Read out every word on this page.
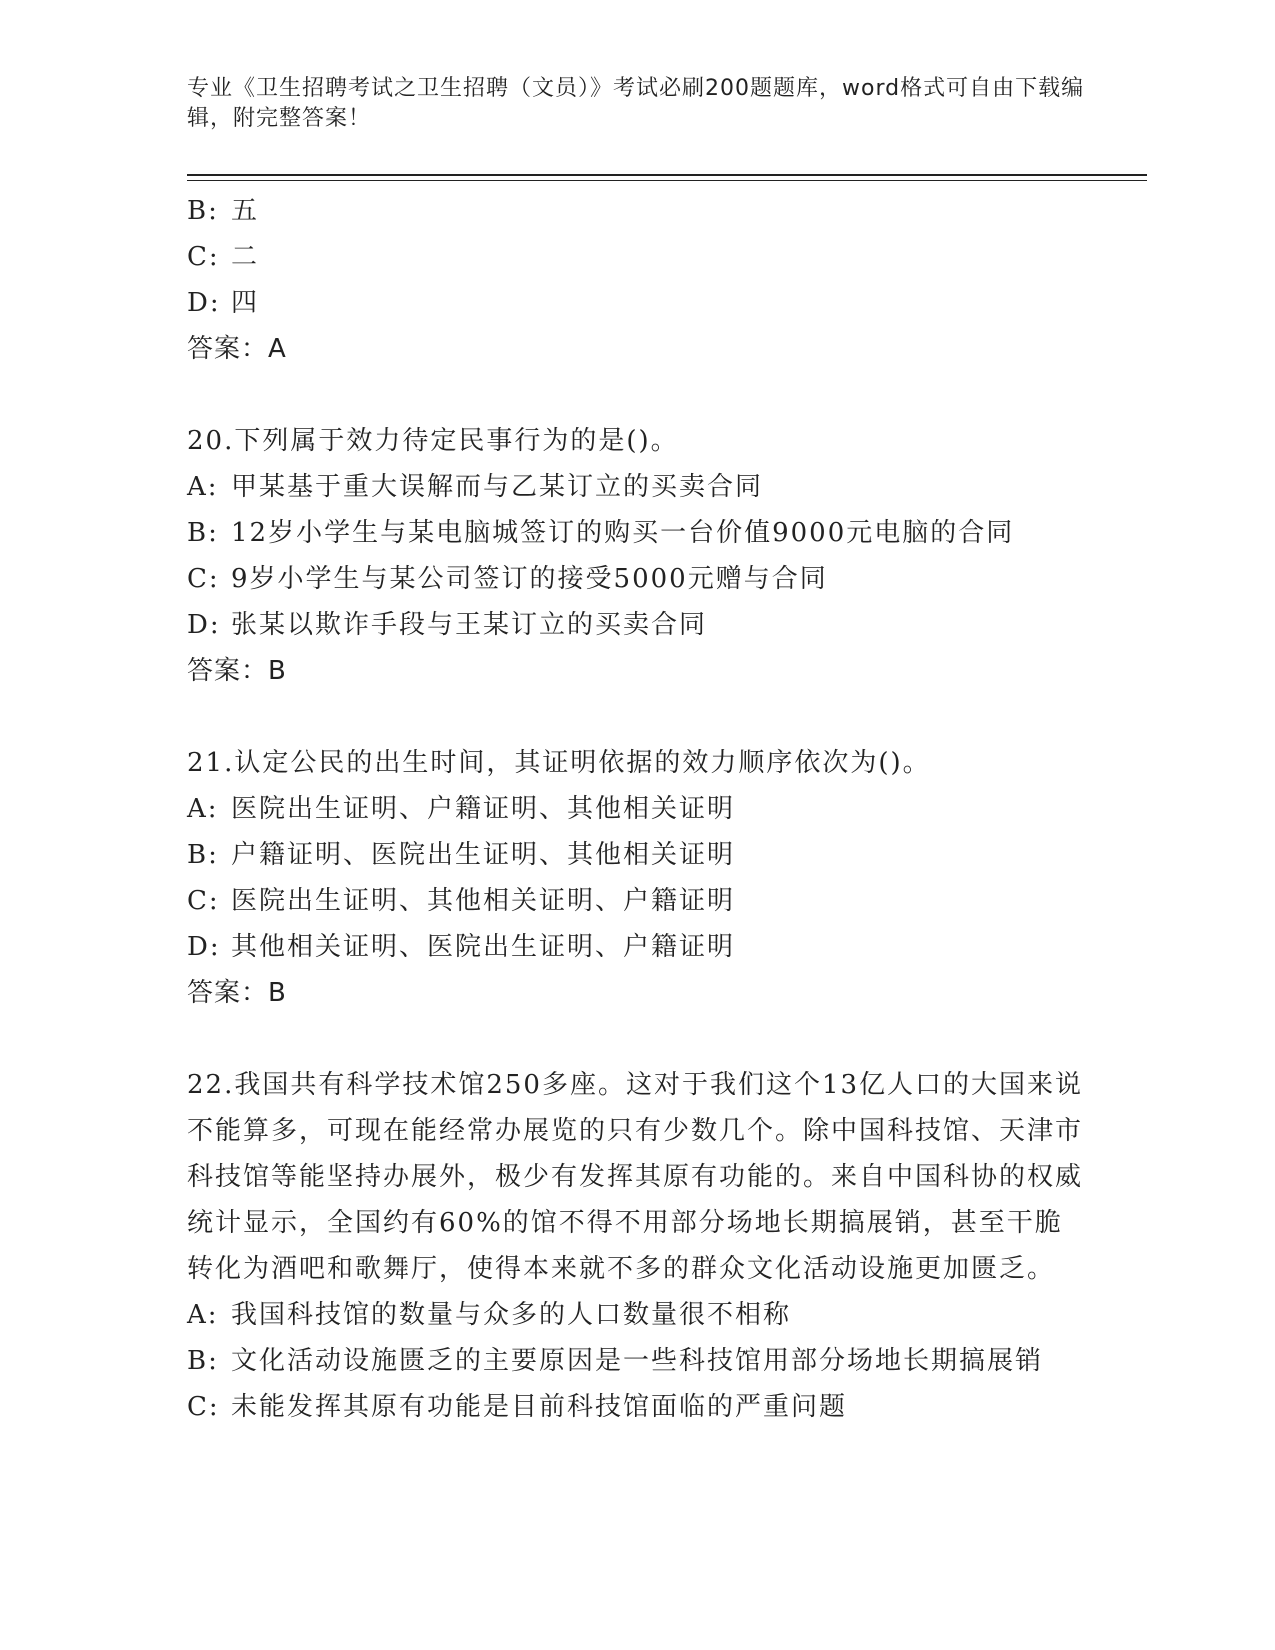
专业《卫生招聘考试之卫生招聘（文员）》考试必刷200题题库，word格式可自由下载编辑，附完整答案！
B: 五
C: 二
D: 四
答案：A
20.下列属于效力待定民事行为的是()。
A: 甲某基于重大误解而与乙某订立的买卖合同
B: 12岁小学生与某电脑城签订的购买一台价值9000元电脑的合同
C: 9岁小学生与某公司签订的接受5000元赠与合同
D: 张某以欺诈手段与王某订立的买卖合同
答案：B
21.认定公民的出生时间，其证明依据的效力顺序依次为()。
A: 医院出生证明、户籍证明、其他相关证明
B: 户籍证明、医院出生证明、其他相关证明
C: 医院出生证明、其他相关证明、户籍证明
D: 其他相关证明、医院出生证明、户籍证明
答案：B
22.我国共有科学技术馆250多座。这对于我们这个13亿人口的大国来说不能算多，可现在能经常办展览的只有少数几个。除中国科技馆、天津市科技馆等能坚持办展外，极少有发挥其原有功能的。来自中国科协的权威统计显示，全国约有60%的馆不得不用部分场地长期搞展销，甚至干脆转化为酒吧和歌舞厅，使得本来就不多的群众文化活动设施更加匮乏。
A: 我国科技馆的数量与众多的人口数量很不相称
B: 文化活动设施匮乏的主要原因是一些科技馆用部分场地长期搞展销
C: 未能发挥其原有功能是目前科技馆面临的严重问题
